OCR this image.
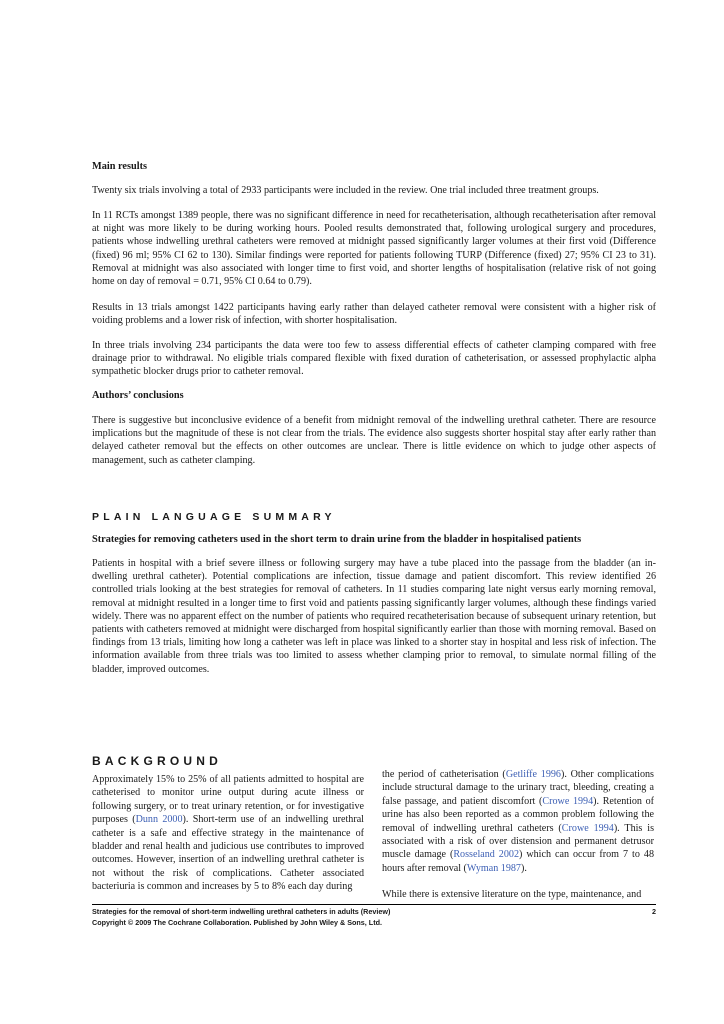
Main results

Twenty six trials involving a total of 2933 participants were included in the review. One trial included three treatment groups.

In 11 RCTs amongst 1389 people, there was no significant difference in need for recatheterisation, although recatheterisation after removal at night was more likely to be during working hours. Pooled results demonstrated that, following urological surgery and procedures, patients whose indwelling urethral catheters were removed at midnight passed significantly larger volumes at their first void (Difference (fixed) 96 ml; 95% CI 62 to 130). Similar findings were reported for patients following TURP (Difference (fixed) 27; 95% CI 23 to 31). Removal at midnight was also associated with longer time to first void, and shorter lengths of hospitalisation (relative risk of not going home on day of removal = 0.71, 95% CI 0.64 to 0.79).

Results in 13 trials amongst 1422 participants having early rather than delayed catheter removal were consistent with a higher risk of voiding problems and a lower risk of infection, with shorter hospitalisation.

In three trials involving 234 participants the data were too few to assess differential effects of catheter clamping compared with free drainage prior to withdrawal. No eligible trials compared flexible with fixed duration of catheterisation, or assessed prophylactic alpha sympathetic blocker drugs prior to catheter removal.

Authors’ conclusions

There is suggestive but inconclusive evidence of a benefit from midnight removal of the indwelling urethral catheter. There are resource implications but the magnitude of these is not clear from the trials. The evidence also suggests shorter hospital stay after early rather than delayed catheter removal but the effects on other outcomes are unclear. There is little evidence on which to judge other aspects of management, such as catheter clamping.

PLAIN LANGUAGE SUMMARY
Strategies for removing catheters used in the short term to drain urine from the bladder in hospitalised patients

Patients in hospital with a brief severe illness or following surgery may have a tube placed into the passage from the bladder (an in-dwelling urethral catheter). Potential complications are infection, tissue damage and patient discomfort. This review identified 26 controlled trials looking at the best strategies for removal of catheters. In 11 studies comparing late night versus early morning removal, removal at midnight resulted in a longer time to first void and patients passing significantly larger volumes, although these findings varied widely. There was no apparent effect on the number of patients who required recatheterisation because of subsequent urinary retention, but patients with catheters removed at midnight were discharged from hospital significantly earlier than those with morning removal. Based on findings from 13 trials, limiting how long a catheter was left in place was linked to a shorter stay in hospital and less risk of infection. The information available from three trials was too limited to assess whether clamping prior to removal, to simulate normal filling of the bladder, improved outcomes.

BACKGROUND

Approximately 15% to 25% of all patients admitted to hospital are catheterised to monitor urine output during acute illness or following surgery, or to treat urinary retention, or for investigative purposes (Dunn 2000). Short-term use of an indwelling urethral catheter is a safe and effective strategy in the maintenance of bladder and renal health and judicious use contributes to improved outcomes. However, insertion of an indwelling urethral catheter is not without the risk of complications. Catheter associated bacteriuria is common and increases by 5 to 8% each day during

the period of catheterisation (Getliffe 1996). Other complications include structural damage to the urinary tract, bleeding, creating a false passage, and patient discomfort (Crowe 1994). Retention of urine has also been reported as a common problem following the removal of indwelling urethral catheters (Crowe 1994). This is associated with a risk of over distension and permanent detrusor muscle damage (Rosseland 2002) which can occur from 7 to 48 hours after removal (Wyman 1987).

While there is extensive literature on the type, maintenance, and

Strategies for the removal of short-term indwelling urethral catheters in adults (Review)	2
Copyright © 2009 The Cochrane Collaboration. Published by John Wiley & Sons, Ltd.
